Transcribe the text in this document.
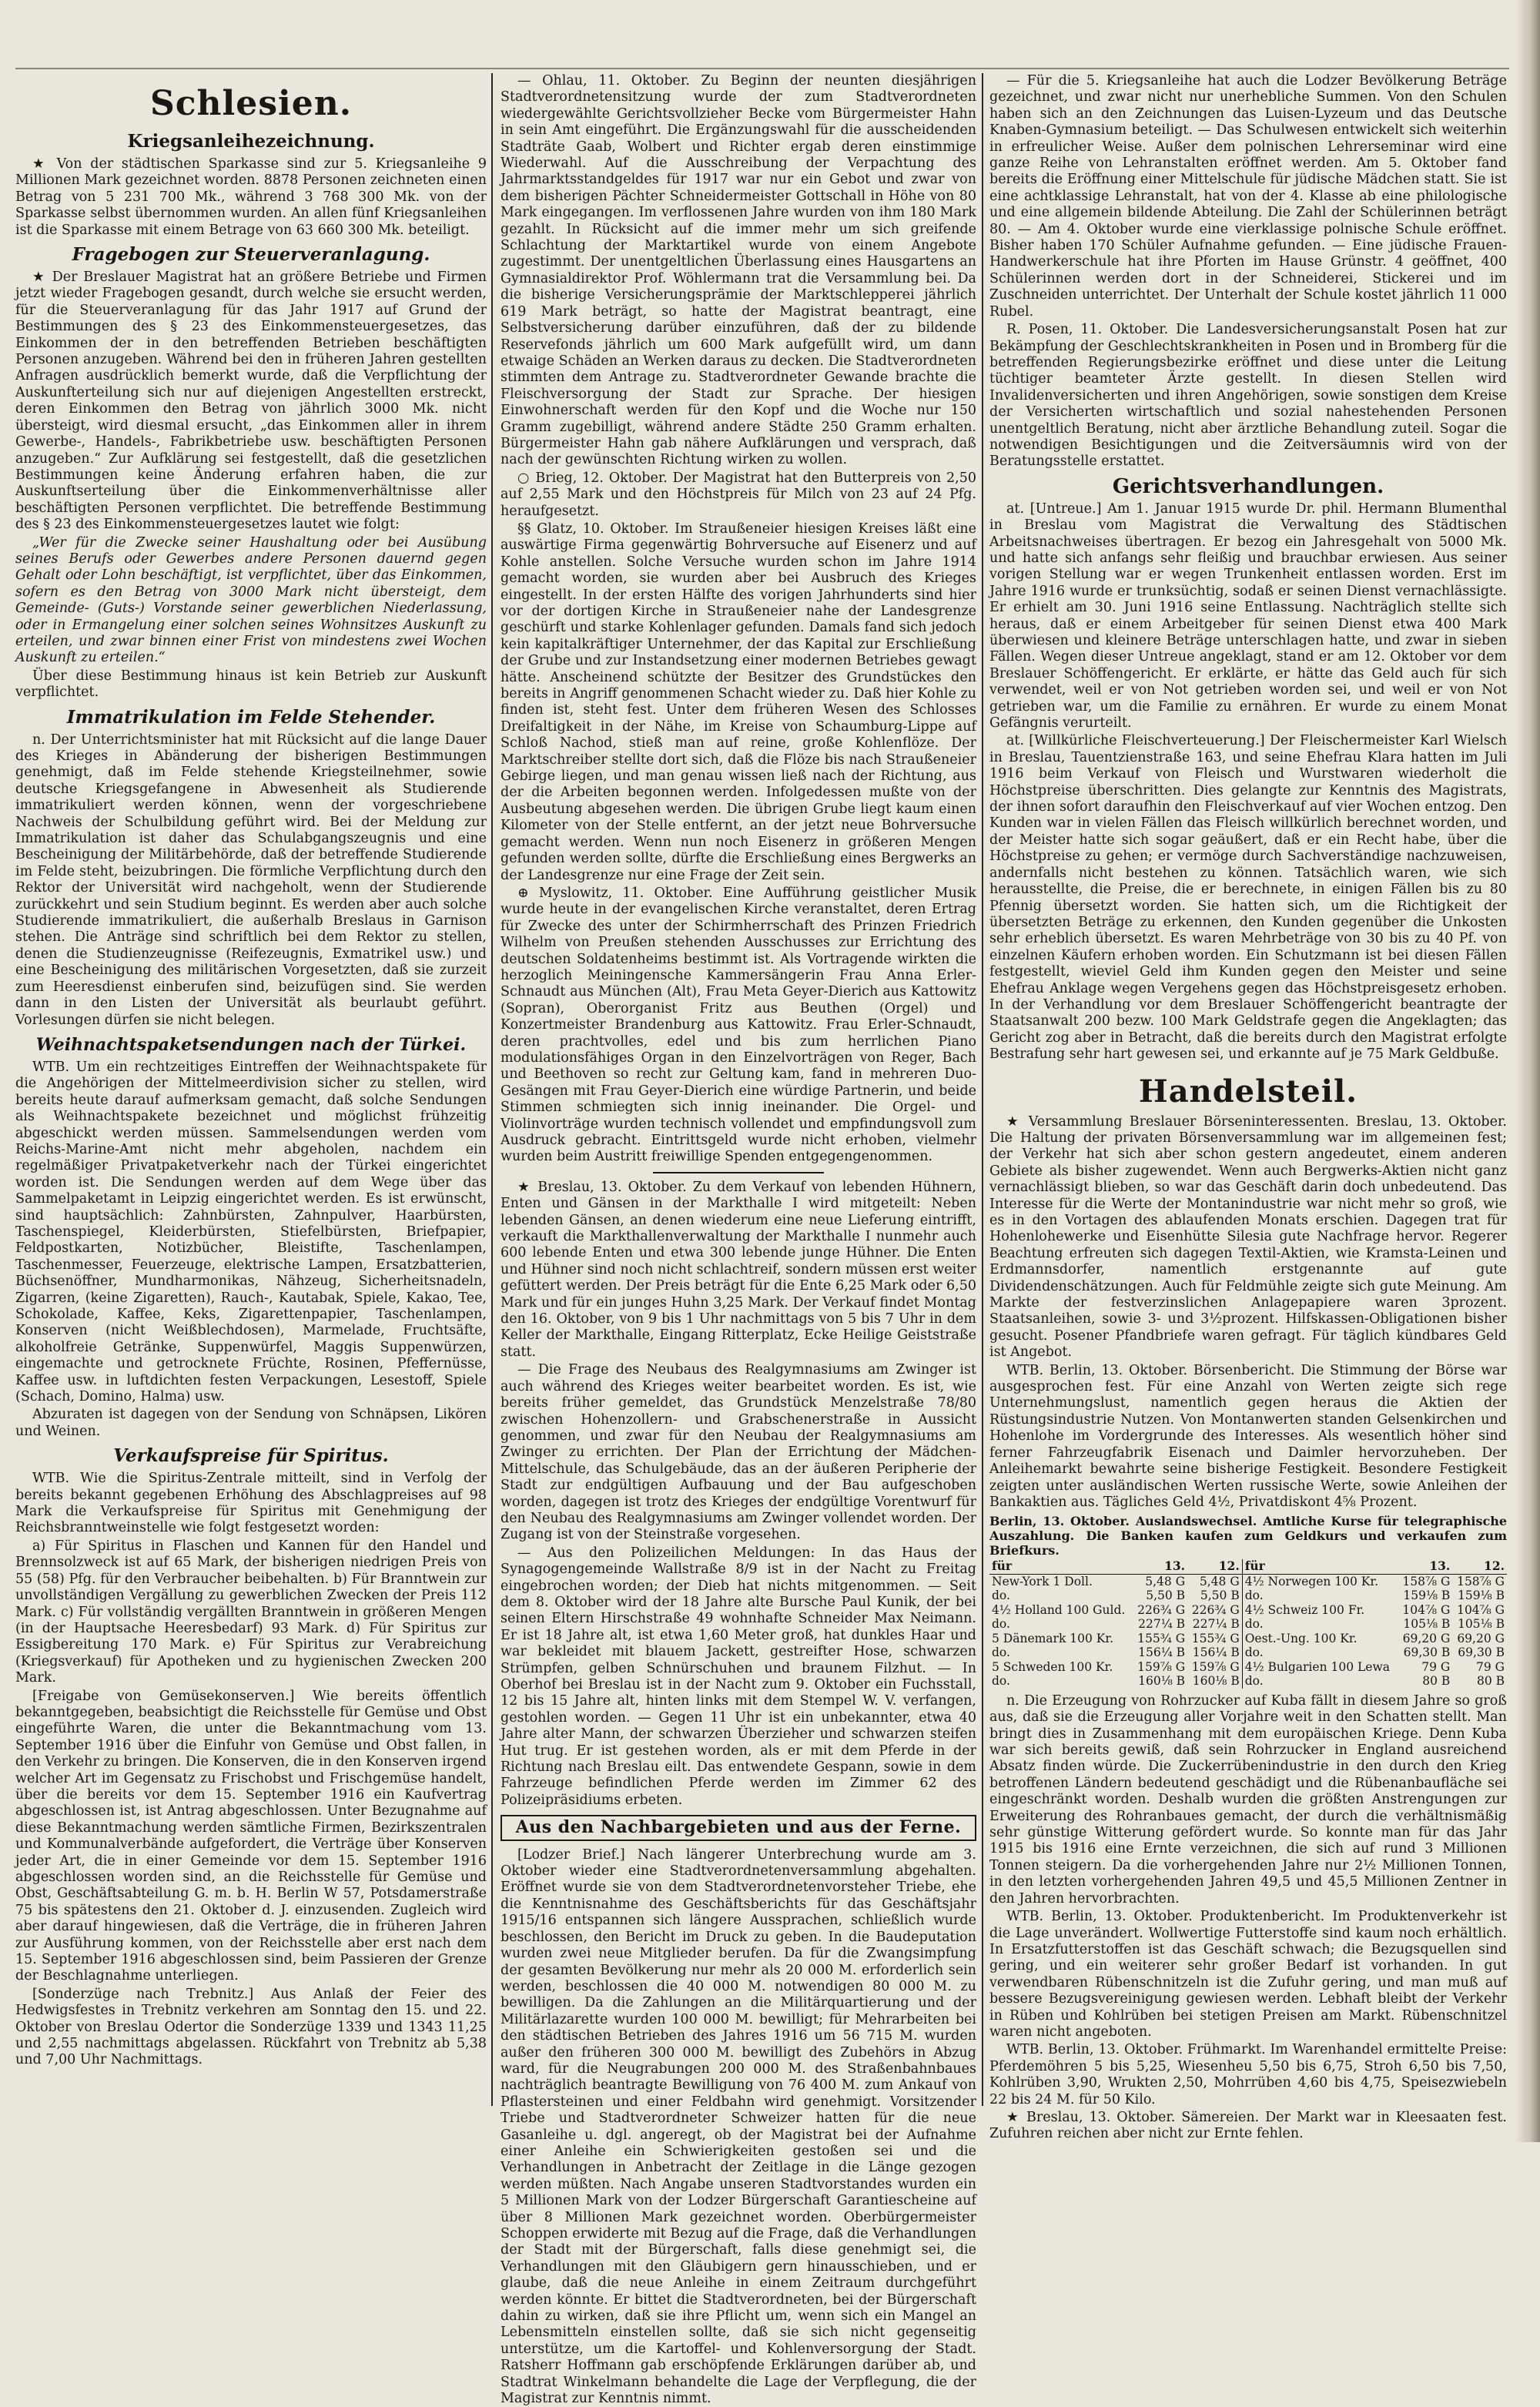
Schlesien.
Kriegsanleihezeichnung.

★ Von der städtischen Sparkasse sind zur 5. Kriegsanleihe 9 Millionen Mark gezeichnet worden. 8878 Personen zeichneten einen Betrag von 5 231 700 Mk., während 3 768 300 Mk. von der Sparkasse selbst übernommen wurden. An allen fünf Kriegsanleihen ist die Sparkasse mit einem Betrage von 63 660 300 Mk. beteiligt.

Fragebogen zur Steuerveranlagung.

★ Der Breslauer Magistrat hat an größere Betriebe und Firmen jetzt wieder Fragebogen gesandt, durch welche sie ersucht werden, für die Steuerveranlagung für das Jahr 1917 auf Grund der Bestimmungen des § 23 des Einkommensteuergesetzes, das Einkommen der in den betreffenden Betrieben beschäftigten Personen anzugeben. Während bei den in früheren Jahren gestellten Anfragen ausdrücklich bemerkt wurde, daß die Verpflichtung der Auskunfterteilung sich nur auf diejenigen Angestellten erstreckt, deren Einkommen den Betrag von jährlich 3000 Mk. nicht übersteigt, wird diesmal ersucht, „das Einkommen aller in ihrem Gewerbe-, Handels-, Fabrikbetriebe usw. beschäftigten Personen anzugeben.“ Zur Aufklärung sei festgestellt, daß die gesetzlichen Bestimmungen keine Änderung erfahren haben, die zur Auskunftserteilung über die Einkommenverhältnisse aller beschäftigten Personen verpflichtet. Die betreffende Bestimmung des § 23 des Einkommensteuergesetzes lautet wie folgt:

„Wer für die Zwecke seiner Haushaltung oder bei Ausübung seines Berufs oder Gewerbes andere Personen dauernd gegen Gehalt oder Lohn beschäftigt, ist verpflichtet, über das Einkommen, sofern es den Betrag von 3000 Mark nicht übersteigt, dem Gemeinde- (Guts-) Vorstande seiner gewerblichen Niederlassung, oder in Ermangelung einer solchen seines Wohnsitzes Auskunft zu erteilen, und zwar binnen einer Frist von mindestens zwei Wochen Auskunft zu erteilen.“

Über diese Bestimmung hinaus ist kein Betrieb zur Auskunft verpflichtet.

Immatrikulation im Felde Stehender.

n. Der Unterrichtsminister hat mit Rücksicht auf die lange Dauer des Krieges in Abänderung der bisherigen Bestimmungen genehmigt, daß im Felde stehende Kriegsteilnehmer, sowie deutsche Kriegsgefangene in Abwesenheit als Studierende immatrikuliert werden können, wenn der vorgeschriebene Nachweis der Schulbildung geführt wird. Bei der Meldung zur Immatrikulation ist daher das Schulabgangszeugnis und eine Bescheinigung der Militärbehörde, daß der betreffende Studierende im Felde steht, beizubringen. Die förmliche Verpflichtung durch den Rektor der Universität wird nachgeholt, wenn der Studierende zurückkehrt und sein Studium beginnt. Es werden aber auch solche Studierende immatrikuliert, die außerhalb Breslaus in Garnison stehen. Die Anträge sind schriftlich bei dem Rektor zu stellen, denen die Studienzeugnisse (Reifezeugnis, Exmatrikel usw.) und eine Bescheinigung des militärischen Vorgesetzten, daß sie zurzeit zum Heeresdienst einberufen sind, beizufügen sind. Sie werden dann in den Listen der Universität als beurlaubt geführt. Vorlesungen dürfen sie nicht belegen.

Weihnachtspaketsendungen nach der Türkei.

WTB. Um ein rechtzeitiges Eintreffen der Weihnachtspakete für die Angehörigen der Mittelmeerdivision sicher zu stellen, wird bereits heute darauf aufmerksam gemacht, daß solche Sendungen als Weihnachtspakete bezeichnet und möglichst frühzeitig abgeschickt werden müssen. Sammelsendungen werden vom Reichs-Marine-Amt nicht mehr abgeholen, nachdem ein regelmäßiger Privatpaketverkehr nach der Türkei eingerichtet worden ist. Die Sendungen werden auf dem Wege über das Sammelpaketamt in Leipzig eingerichtet werden. Es ist erwünscht, sind hauptsächlich: Zahnbürsten, Zahnpulver, Haarbürsten, Taschenspiegel, Kleiderbürsten, Stiefelbürsten, Briefpapier, Feldpostkarten, Notizbücher, Bleistifte, Taschenlampen, Taschenmesser, Feuerzeuge, elektrische Lampen, Ersatzbatterien, Büchsenöffner, Mundharmonikas, Nähzeug, Sicherheitsnadeln, Zigarren, (keine Zigaretten), Rauch-, Kautabak, Spiele, Kakao, Tee, Schokolade, Kaffee, Keks, Zigarettenpapier, Taschenlampen, Konserven (nicht Weißblechdosen), Marmelade, Fruchtsäfte, alkoholfreie Getränke, Suppenwürfel, Maggis Suppenwürzen, eingemachte und getrocknete Früchte, Rosinen, Pfeffernüsse, Kaffee usw. in luftdichten festen Verpackungen, Lesestoff, Spiele (Schach, Domino, Halma) usw.

Abzuraten ist dagegen von der Sendung von Schnäpsen, Likören und Weinen.

Verkaufspreise für Spiritus.

WTB. Wie die Spiritus-Zentrale mitteilt, sind in Verfolg der bereits bekannt gegebenen Erhöhung des Abschlagpreises auf 98 Mark die Verkaufspreise für Spiritus mit Genehmigung der Reichsbranntweinstelle wie folgt festgesetzt worden:

a) Für Spiritus in Flaschen und Kannen für den Handel und Brennsolzweck ist auf 65 Mark, der bisherigen niedrigen Preis von 55 (58) Pfg. für den Verbraucher beibehalten. b) Für Branntwein zur unvollständigen Vergällung zu gewerblichen Zwecken der Preis 112 Mark. c) Für vollständig vergällten Branntwein in größeren Mengen (in der Hauptsache Heeresbedarf) 93 Mark. d) Für Spiritus zur Essigbereitung 170 Mark. e) Für Spiritus zur Verabreichung (Kriegsverkauf) für Apotheken und zu hygienischen Zwecken 200 Mark.

[Freigabe von Gemüsekonserven.] Wie bereits öffentlich bekanntgegeben, beabsichtigt die Reichsstelle für Gemüse und Obst eingeführte Waren, die unter die Bekanntmachung vom 13. September 1916 über die Einfuhr von Gemüse und Obst fallen, in den Verkehr zu bringen. Die Konserven, die in den Konserven irgend welcher Art im Gegensatz zu Frischobst und Frischgemüse handelt, über die bereits vor dem 15. September 1916 ein Kaufvertrag abgeschlossen ist, ist Antrag abgeschlossen. Unter Bezugnahme auf diese Bekanntmachung werden sämtliche Firmen, Bezirkszentralen und Kommunalverbände aufgefordert, die Verträge über Konserven jeder Art, die in einer Gemeinde vor dem 15. September 1916 abgeschlossen worden sind, an die Reichsstelle für Gemüse und Obst, Geschäftsabteilung G. m. b. H. Berlin W 57, Potsdamerstraße 75 bis spätestens den 21. Oktober d. J. einzusenden. Zugleich wird aber darauf hingewiesen, daß die Verträge, die in früheren Jahren zur Ausführung kommen, von der Reichsstelle aber erst nach dem 15. September 1916 abgeschlossen sind, beim Passieren der Grenze der Beschlagnahme unterliegen.

[Sonderzüge nach Trebnitz.] Aus Anlaß der Feier des Hedwigsfestes in Trebnitz verkehren am Sonntag den 15. und 22. Oktober von Breslau Odertor die Sonderzüge 1339 und 1343 11,25 und 2,55 nachmittags abgelassen. Rückfahrt von Trebnitz ab 5,38 und 7,00 Uhr Nachmittags.

— Ohlau, 11. Oktober. Zu Beginn der neunten diesjährigen Stadtverordnetensitzung wurde der zum Stadtverordneten wiedergewählte Gerichtsvollzieher Becke vom Bürgermeister Hahn in sein Amt eingeführt. Die Ergänzungswahl für die ausscheidenden Stadträte Gaab, Wolbert und Richter ergab deren einstimmige Wiederwahl. Auf die Ausschreibung der Verpachtung des Jahrmarktsstandgeldes für 1917 war nur ein Gebot und zwar von dem bisherigen Pächter Schneidermeister Gottschall in Höhe von 80 Mark eingegangen. Im verflossenen Jahre wurden von ihm 180 Mark gezahlt. In Rücksicht auf die immer mehr um sich greifende Schlachtung der Marktartikel wurde von einem Angebote zugestimmt. Der unentgeltlichen Überlassung eines Hausgartens an Gymnasialdirektor Prof. Wöhlermann trat die Versammlung bei. Da die bisherige Versicherungsprämie der Marktschlepperei jährlich 619 Mark beträgt, so hatte der Magistrat beantragt, eine Selbstversicherung darüber einzuführen, daß der zu bildende Reservefonds jährlich um 600 Mark aufgefüllt wird, um dann etwaige Schäden an Werken daraus zu decken. Die Stadtverordneten stimmten dem Antrage zu. Stadtverordneter Gewande brachte die Fleischversorgung der Stadt zur Sprache. Der hiesigen Einwohnerschaft werden für den Kopf und die Woche nur 150 Gramm zugebilligt, während andere Städte 250 Gramm erhalten. Bürgermeister Hahn gab nähere Aufklärungen und versprach, daß nach der gewünschten Richtung wirken zu wollen.

○ Brieg, 12. Oktober. Der Magistrat hat den Butterpreis von 2,50 auf 2,55 Mark und den Höchstpreis für Milch von 23 auf 24 Pfg. heraufgesetzt.

§§ Glatz, 10. Oktober. Im Straußeneier hiesigen Kreises läßt eine auswärtige Firma gegenwärtig Bohrversuche auf Eisenerz und auf Kohle anstellen. Solche Versuche wurden schon im Jahre 1914 gemacht worden, sie wurden aber bei Ausbruch des Krieges eingestellt. In der ersten Hälfte des vorigen Jahrhunderts sind hier vor der dortigen Kirche in Straußeneier nahe der Landesgrenze geschürft und starke Kohlenlager gefunden. Damals fand sich jedoch kein kapitalkräftiger Unternehmer, der das Kapital zur Erschließung der Grube und zur Instandsetzung einer modernen Betriebes gewagt hätte. Anscheinend schützte der Besitzer des Grundstückes den bereits in Angriff genommenen Schacht wieder zu. Daß hier Kohle zu finden ist, steht fest. Unter dem früheren Wesen des Schlosses Dreifaltigkeit in der Nähe, im Kreise von Schaumburg-Lippe auf Schloß Nachod, stieß man auf reine, große Kohlenflöze. Der Marktschreiber stellte dort sich, daß die Flöze bis nach Straußeneier Gebirge liegen, und man genau wissen ließ nach der Richtung, aus der die Arbeiten begonnen werden. Infolgedessen mußte von der Ausbeutung abgesehen werden. Die übrigen Grube liegt kaum einen Kilometer von der Stelle entfernt, an der jetzt neue Bohrversuche gemacht werden. Wenn nun noch Eisenerz in größeren Mengen gefunden werden sollte, dürfte die Erschließung eines Bergwerks an der Landesgrenze nur eine Frage der Zeit sein.

⊕ Myslowitz, 11. Oktober. Eine Aufführung geistlicher Musik wurde heute in der evangelischen Kirche veranstaltet, deren Ertrag für Zwecke des unter der Schirmherrschaft des Prinzen Friedrich Wilhelm von Preußen stehenden Ausschusses zur Errichtung des deutschen Soldatenheims bestimmt ist. Als Vortragende wirkten die herzoglich Meiningensche Kammersängerin Frau Anna Erler-Schnaudt aus München (Alt), Frau Meta Geyer-Dierich aus Kattowitz (Sopran), Oberorganist Fritz aus Beuthen (Orgel) und Konzertmeister Brandenburg aus Kattowitz. Frau Erler-Schnaudt, deren prachtvolles, edel und bis zum herrlichen Piano modulationsfähiges Organ in den Einzelvorträgen von Reger, Bach und Beethoven so recht zur Geltung kam, fand in mehreren Duo-Gesängen mit Frau Geyer-Dierich eine würdige Partnerin, und beide Stimmen schmiegten sich innig ineinander. Die Orgel- und Violinvorträge wurden technisch vollendet und empfindungsvoll zum Ausdruck gebracht. Eintrittsgeld wurde nicht erhoben, vielmehr wurden beim Austritt freiwillige Spenden entgegengenommen.

★ Breslau, 13. Oktober. Zu dem Verkauf von lebenden Hühnern, Enten und Gänsen in der Markthalle I wird mitgeteilt: Neben lebenden Gänsen, an denen wiederum eine neue Lieferung eintrifft, verkauft die Markthallenverwaltung der Markthalle I nunmehr auch 600 lebende Enten und etwa 300 lebende junge Hühner. Die Enten und Hühner sind noch nicht schlachtreif, sondern müssen erst weiter gefüttert werden. Der Preis beträgt für die Ente 6,25 Mark oder 6,50 Mark und für ein junges Huhn 3,25 Mark. Der Verkauf findet Montag den 16. Oktober, von 9 bis 1 Uhr nachmittags von 5 bis 7 Uhr in dem Keller der Markthalle, Eingang Ritterplatz, Ecke Heilige Geiststraße statt.

— Die Frage des Neubaus des Realgymnasiums am Zwinger ist auch während des Krieges weiter bearbeitet worden. Es ist, wie bereits früher gemeldet, das Grundstück Menzelstraße 78/80 zwischen Hohenzollern- und Grabschenerstraße in Aussicht genommen, und zwar für den Neubau der Realgymnasiums am Zwinger zu errichten. Der Plan der Errichtung der Mädchen-Mittelschule, das Schulgebäude, das an der äußeren Peripherie der Stadt zur endgültigen Aufbauung und der Bau aufgeschoben worden, dagegen ist trotz des Krieges der endgültige Vorentwurf für den Neubau des Realgymnasiums am Zwinger vollendet worden. Der Zugang ist von der Steinstraße vorgesehen.

— Aus den Polizeilichen Meldungen: In das Haus der Synagogengemeinde Wallstraße 8/9 ist in der Nacht zu Freitag eingebrochen worden; der Dieb hat nichts mitgenommen. — Seit dem 8. Oktober wird der 18 Jahre alte Bursche Paul Kunik, der bei seinen Eltern Hirschstraße 49 wohnhafte Schneider Max Neimann. Er ist 18 Jahre alt, ist etwa 1,60 Meter groß, hat dunkles Haar und war bekleidet mit blauem Jackett, gestreifter Hose, schwarzen Strümpfen, gelben Schnürschuhen und braunem Filzhut. — In Oberhof bei Breslau ist in der Nacht zum 9. Oktober ein Fuchsstall, 12 bis 15 Jahre alt, hinten links mit dem Stempel W. V. verfangen, gestohlen worden. — Gegen 11 Uhr ist ein unbekannter, etwa 40 Jahre alter Mann, der schwarzen Überzieher und schwarzen steifen Hut trug. Er ist gestehen worden, als er mit dem Pferde in der Richtung nach Breslau eilt. Das entwendete Gespann, sowie in dem Fahrzeuge befindlichen Pferde werden im Zimmer 62 des Polizeipräsidiums erbeten.

Aus den Nachbargebieten und aus der Ferne.

[Lodzer Brief.] Nach längerer Unterbrechung wurde am 3. Oktober wieder eine Stadtverordnetenversammlung abgehalten. Eröffnet wurde sie von dem Stadtverordnetenvorsteher Triebe, ehe die Kenntnisnahme des Geschäftsberichts für das Geschäftsjahr 1915/16 entspannen sich längere Aussprachen, schließlich wurde beschlossen, den Bericht im Druck zu geben. In die Baudeputation wurden zwei neue Mitglieder berufen. Da für die Zwangsimpfung der gesamten Bevölkerung nur mehr als 20 000 M. erforderlich sein werden, beschlossen die 40 000 M. notwendigen 80 000 M. zu bewilligen. Da die Zahlungen an die Militärquartierung und der Militärlazarette wurden 100 000 M. bewilligt; für Mehrarbeiten bei den städtischen Betrieben des Jahres 1916 um 56 715 M. wurden außer den früheren 300 000 M. bewilligt des Zubehörs in Abzug ward, für die Neugrabungen 200 000 M. des Straßenbahnbaues nachträglich beantragte Bewilligung von 76 400 M. zum Ankauf von Pflastersteinen und einer Feldbahn wird genehmigt. Vorsitzender Triebe und Stadtverordneter Schweizer hatten für die neue Gasanleihe u. dgl. angeregt, ob der Magistrat bei der Aufnahme einer Anleihe ein Schwierigkeiten gestoßen sei und die Verhandlungen in Anbetracht der Zeitlage in die Länge gezogen werden müßten. Nach Angabe unseren Stadtvorstandes wurden ein 5 Millionen Mark von der Lodzer Bürgerschaft Garantiescheine auf über 8 Millionen Mark gezeichnet worden. Oberbürgermeister Schoppen erwiderte mit Bezug auf die Frage, daß die Verhandlungen der Stadt mit der Bürgerschaft, falls diese genehmigt sei, die Verhandlungen mit den Gläubigern gern hinausschieben, und er glaube, daß die neue Anleihe in einem Zeitraum durchgeführt werden könnte. Er bittet die Stadtverordneten, bei der Bürgerschaft dahin zu wirken, daß sie ihre Pflicht um, wenn sich ein Mangel an Lebensmitteln einstellen sollte, daß sie sich nicht gegenseitig unterstütze, um die Kartoffel- und Kohlenversorgung der Stadt. Ratsherr Hoffmann gab erschöpfende Erklärungen darüber ab, und Stadtrat Winkelmann behandelte die Lage der Verpflegung, die der Magistrat zur Kenntnis nimmt.

— Für die 5. Kriegsanleihe hat auch die Lodzer Bevölkerung Beträge gezeichnet, und zwar nicht nur unerhebliche Summen. Von den Schulen haben sich an den Zeichnungen das Luisen-Lyzeum und das Deutsche Knaben-Gymnasium beteiligt. — Das Schulwesen entwickelt sich weiterhin in erfreulicher Weise. Außer dem polnischen Lehrerseminar wird eine ganze Reihe von Lehranstalten eröffnet werden. Am 5. Oktober fand bereits die Eröffnung einer Mittelschule für jüdische Mädchen statt. Sie ist eine achtklassige Lehranstalt, hat von der 4. Klasse ab eine philologische und eine allgemein bildende Abteilung. Die Zahl der Schülerinnen beträgt 80. — Am 4. Oktober wurde eine vierklassige polnische Schule eröffnet. Bisher haben 170 Schüler Aufnahme gefunden. — Eine jüdische Frauen-Handwerkerschule hat ihre Pforten im Hause Grünstr. 4 geöffnet, 400 Schülerinnen werden dort in der Schneiderei, Stickerei und im Zuschneiden unterrichtet. Der Unterhalt der Schule kostet jährlich 11 000 Rubel.

R. Posen, 11. Oktober. Die Landesversicherungsanstalt Posen hat zur Bekämpfung der Geschlechtskrankheiten in Posen und in Bromberg für die betreffenden Regierungsbezirke eröffnet und diese unter die Leitung tüchtiger beamteter Ärzte gestellt. In diesen Stellen wird Invalidenversicherten und ihren Angehörigen, sowie sonstigen dem Kreise der Versicherten wirtschaftlich und sozial nahestehenden Personen unentgeltlich Beratung, nicht aber ärztliche Behandlung zuteil. Sogar die notwendigen Besichtigungen und die Zeitversäumnis wird von der Beratungsstelle erstattet.

Gerichtsverhandlungen.

at. [Untreue.] Am 1. Januar 1915 wurde Dr. phil. Hermann Blumenthal in Breslau vom Magistrat die Verwaltung des Städtischen Arbeitsnachweises übertragen. Er bezog ein Jahresgehalt von 5000 Mk. und hatte sich anfangs sehr fleißig und brauchbar erwiesen. Aus seiner vorigen Stellung war er wegen Trunkenheit entlassen worden. Erst im Jahre 1916 wurde er trunksüchtig, sodaß er seinen Dienst vernachlässigte. Er erhielt am 30. Juni 1916 seine Entlassung. Nachträglich stellte sich heraus, daß er einem Arbeitgeber für seinen Dienst etwa 400 Mark überwiesen und kleinere Beträge unterschlagen hatte, und zwar in sieben Fällen. Wegen dieser Untreue angeklagt, stand er am 12. Oktober vor dem Breslauer Schöffengericht. Er erklärte, er hätte das Geld auch für sich verwendet, weil er von Not getrieben worden sei, und weil er von Not getrieben war, um die Familie zu ernähren. Er wurde zu einem Monat Gefängnis verurteilt.

at. [Willkürliche Fleischverteuerung.] Der Fleischermeister Karl Wielsch in Breslau, Tauentzienstraße 163, und seine Ehefrau Klara hatten im Juli 1916 beim Verkauf von Fleisch und Wurstwaren wiederholt die Höchstpreise überschritten. Dies gelangte zur Kenntnis des Magistrats, der ihnen sofort daraufhin den Fleischverkauf auf vier Wochen entzog. Den Kunden war in vielen Fällen das Fleisch willkürlich berechnet worden, und der Meister hatte sich sogar geäußert, daß er ein Recht habe, über die Höchstpreise zu gehen; er vermöge durch Sachverständige nachzuweisen, andernfalls nicht bestehen zu können. Tatsächlich waren, wie sich herausstellte, die Preise, die er berechnete, in einigen Fällen bis zu 80 Pfennig übersetzt worden. Sie hatten sich, um die Richtigkeit der übersetzten Beträge zu erkennen, den Kunden gegenüber die Unkosten sehr erheblich übersetzt. Es waren Mehrbeträge von 30 bis zu 40 Pf. von einzelnen Käufern erhoben worden. Ein Schutzmann ist bei diesen Fällen festgestellt, wieviel Geld ihm Kunden gegen den Meister und seine Ehefrau Anklage wegen Vergehens gegen das Höchstpreisgesetz erhoben. In der Verhandlung vor dem Breslauer Schöffengericht beantragte der Staatsanwalt 200 bezw. 100 Mark Geldstrafe gegen die Angeklagten; das Gericht zog aber in Betracht, daß die bereits durch den Magistrat erfolgte Bestrafung sehr hart gewesen sei, und erkannte auf je 75 Mark Geldbuße.

Handelsteil.

★ Versammlung Breslauer Börseninteressenten. Breslau, 13. Oktober. Die Haltung der privaten Börsenversammlung war im allgemeinen fest; der Verkehr hat sich aber schon gestern angedeutet, einem anderen Gebiete als bisher zugewendet. Wenn auch Bergwerks-Aktien nicht ganz vernachlässigt blieben, so war das Geschäft darin doch unbedeutend. Das Interesse für die Werte der Montanindustrie war nicht mehr so groß, wie es in den Vortagen des ablaufenden Monats erschien. Dagegen trat für Hohenlohewerke und Eisenhütte Silesia gute Nachfrage hervor. Regerer Beachtung erfreuten sich dagegen Textil-Aktien, wie Kramsta-Leinen und Erdmannsdorfer, namentlich erstgenannte auf gute Dividendenschätzungen. Auch für Feldmühle zeigte sich gute Meinung. Am Markte der festverzinslichen Anlagepapiere waren 3prozent. Staatsanleihen, sowie 3- und 3½prozent. Hilfskassen-Obligationen bisher gesucht. Posener Pfandbriefe waren gefragt. Für täglich kündbares Geld ist Angebot.

WTB. Berlin, 13. Oktober. Börsenbericht. Die Stimmung der Börse war ausgesprochen fest. Für eine Anzahl von Werten zeigte sich rege Unternehmungslust, namentlich gegen heraus die Aktien der Rüstungsindustrie Nutzen. Von Montanwerten standen Gelsenkirchen und Hohenlohe im Vordergrunde des Interesses. Als wesentlich höher sind ferner Fahrzeugfabrik Eisenach und Daimler hervorzuheben. Der Anleihemarkt bewahrte seine bisherige Festigkeit. Besondere Festigkeit zeigten unter ausländischen Werten russische Werte, sowie Anleihen der Bankaktien aus. Tägliches Geld 4½, Privatdiskont 4⅝ Prozent.

Berlin, 13. Oktober. Auslandswechsel. Amtliche Kurse für telegraphische Auszahlung. Die Banken kaufen zum Geldkurs und verkaufen zum Briefkurs.

für	13.	12.	für	13.	12.
New-York 1 Doll.	5,48 G	5,48 G	4½ Norwegen 100 Kr.	158⅞ G	158⅞ G
do.	5,50 B	5,50 B	do.	159⅛ B	159⅛ B
4½ Holland 100 Guld.	226¾ G	226¾ G	4½ Schweiz 100 Fr.	104⅞ G	104⅞ G
do.	227¼ B	227¼ B	do.	105⅛ B	105⅛ B
5 Dänemark 100 Kr.	155¾ G	155¾ G	Oest.-Ung. 100 Kr.	69,20 G	69,20 G
do.	156¼ B	156¼ B	do.	69,30 B	69,30 B
5 Schweden 100 Kr.	159⅞ G	159⅞ G	4½ Bulgarien 100 Lewa	79 G	79 G
do.	160⅛ B	160⅛ B	do.	80 B	80 B

n. Die Erzeugung von Rohrzucker auf Kuba fällt in diesem Jahre so groß aus, daß sie die Erzeugung aller Vorjahre weit in den Schatten stellt. Man bringt dies in Zusammenhang mit dem europäischen Kriege. Denn Kuba war sich bereits gewiß, daß sein Rohrzucker in England ausreichend Absatz finden würde. Die Zuckerrübenindustrie in den durch den Krieg betroffenen Ländern bedeutend geschädigt und die Rübenanbaufläche sei eingeschränkt worden. Deshalb wurden die größten Anstrengungen zur Erweiterung des Rohranbaues gemacht, der durch die verhältnismäßig sehr günstige Witterung gefördert wurde. So konnte man für das Jahr 1915 bis 1916 eine Ernte verzeichnen, die sich auf rund 3 Millionen Tonnen steigern. Da die vorhergehenden Jahre nur 2½ Millionen Tonnen, in den letzten vorhergehenden Jahren 49,5 und 45,5 Millionen Zentner in den Jahren hervorbrachten.

WTB. Berlin, 13. Oktober. Produktenbericht. Im Produktenverkehr ist die Lage unverändert. Wollwertige Futterstoffe sind kaum noch erhältlich. In Ersatzfutterstoffen ist das Geschäft schwach; die Bezugsquellen sind gering, und ein weiterer sehr großer Bedarf ist vorhanden. In gut verwendbaren Rübenschnitzeln ist die Zufuhr gering, und man muß auf bessere Bezugsvereinigung gewiesen werden. Lebhaft bleibt der Verkehr in Rüben und Kohlrüben bei stetigen Preisen am Markt. Rübenschnitzel waren nicht angeboten.

WTB. Berlin, 13. Oktober. Frühmarkt. Im Warenhandel ermittelte Preise: Pferdemöhren 5 bis 5,25, Wiesenheu 5,50 bis 6,75, Stroh 6,50 bis 7,50, Kohlrüben 3,90, Wrukten 2,50, Mohrrüben 4,60 bis 4,75, Speisezwiebeln 22 bis 24 M. für 50 Kilo.

★ Breslau, 13. Oktober. Sämereien. Der Markt war in Kleesaaten fest. Zufuhren reichen aber nicht zur Ernte fehlen.
